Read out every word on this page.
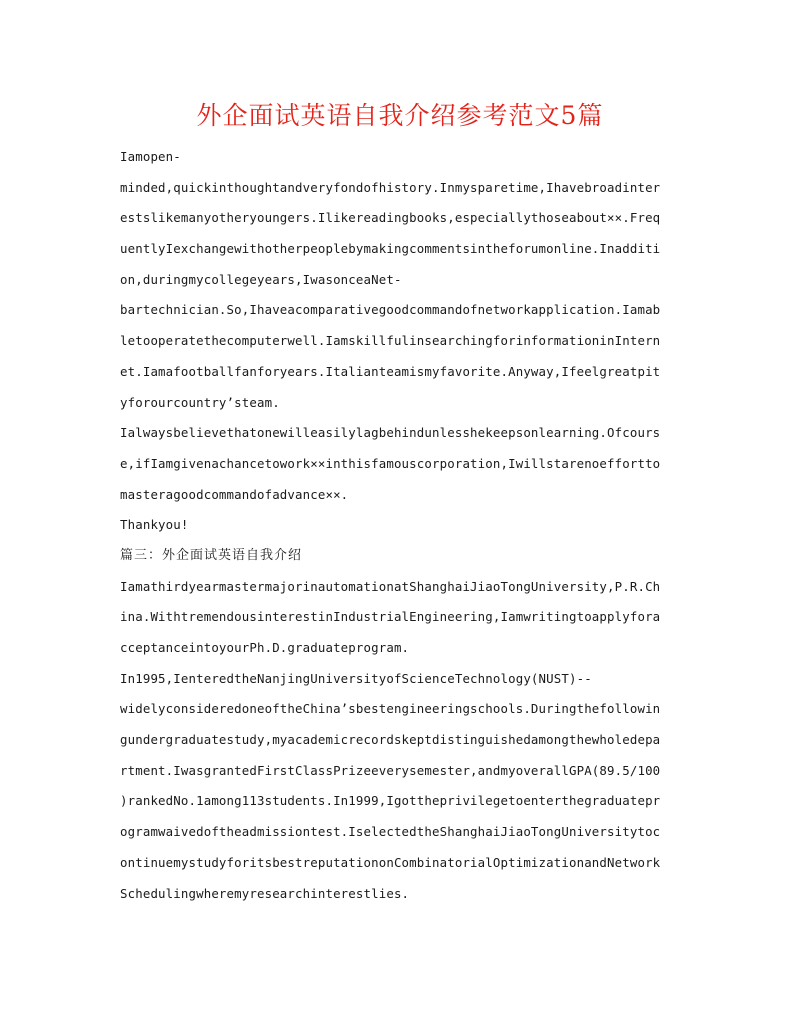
外企面试英语自我介绍参考范文5篇
Iamopen-
minded,quickinthoughtandveryfondofhistory.Inmysparetime,Ihavebroadinter
estslikemanyotheryoungers.Ilikereadingbooks,especiallythoseabout××.Freq
uentlyIexchangewithotherpeoplebymakingcommentsintheforumonline.Inadditi
on,duringmycollegeyears,IwasonceaNet-
bartechnician.So,Ihaveacomparativegoodcommandofnetworkapplication.Iamab
letooperatethecomputerwell.IamskillfulinsearchingforinformationinIntern
et.Iamafootballfanforyears.Italianteamismyfavorite.Anyway,Ifeelgreatpit
yforourcountry’steam.
Ialwaysbelievethatonewilleasilylagbehindunlesshekeepsonlearning.Ofcours
e,ifIamgivenachancetowork××inthisfamouscorporation,Iwillstarenoeffortto
masteragoodcommandofadvance××.
Thankyou!
篇三：外企面试英语自我介绍
IamathirdyearmastermajorinautomationatShanghaiJiaoTongUniversity,P.R.Ch
ina.WithtremendousinterestinIndustrialEngineering,Iamwritingtoapplyfora
cceptanceintoyourPh.D.graduateprogram.
In1995,IenteredtheNanjingUniversityofScienceTechnology(NUST)--
widelyconsideredoneoftheChina’sbestengineeringschools.Duringthefollowin
gundergraduatestudy,myacademicrecordskeptdistinguishedamongthewholedepa
rtment.IwasgrantedFirstClassPrizeeverysemester,andmyoverallGPA(89.5/100
)rankedNo.1among113students.In1999,Igottheprivilegetoenterthegraduatepr
ogramwaivedoftheadmissiontest.IselectedtheShanghaiJiaoTongUniversitytoc
ontinuemystudyforitsbestreputationonCombinatorialOptimizationandNetwork
Schedulingwheremyresearchinterestlies.
